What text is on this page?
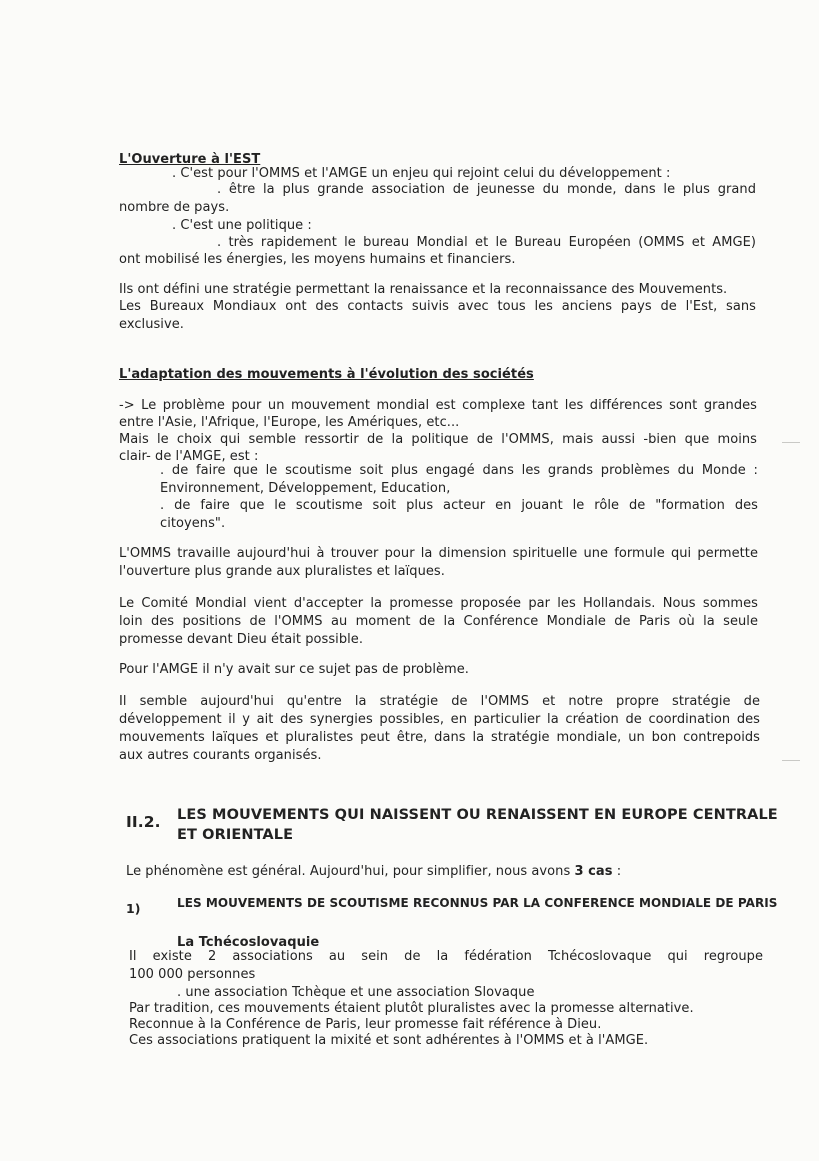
L'Ouverture à l'EST

. C'est pour l'OMMS et l'AMGE un enjeu qui rejoint celui du développement :

. être la plus grande association de jeunesse du monde, dans le plus grand

nombre de pays.

. C'est une politique :

. très rapidement le bureau Mondial et le Bureau Européen (OMMS et AMGE)

ont mobilisé les énergies, les moyens humains et financiers.

Ils ont défini une stratégie permettant la renaissance et la reconnaissance des Mouvements.

Les Bureaux Mondiaux ont des contacts suivis avec tous les anciens pays de l'Est, sans

exclusive.

L'adaptation des mouvements à l'évolution des sociétés

-> Le problème pour un mouvement mondial est complexe tant les différences sont grandes

entre l'Asie, l'Afrique, l'Europe, les Amériques, etc...

Mais le choix qui semble ressortir de la politique de l'OMMS, mais aussi -bien que moins

clair- de l'AMGE, est :

. de faire que le scoutisme soit plus engagé dans les grands problèmes du Monde :

Environnement, Développement, Education,

. de faire que le scoutisme soit plus acteur en jouant le rôle de "formation des

citoyens".

L'OMMS travaille aujourd'hui à trouver pour la dimension spirituelle une formule qui permette

l'ouverture plus grande aux pluralistes et laïques.

Le Comité Mondial vient d'accepter la promesse proposée par les Hollandais. Nous sommes

loin des positions de l'OMMS au moment de la Conférence Mondiale de Paris où la seule

promesse devant Dieu était possible.

Pour l'AMGE il n'y avait sur ce sujet pas de problème.

Il semble aujourd'hui qu'entre la stratégie de l'OMMS et notre propre stratégie de

développement il y ait des synergies possibles, en particulier la création de coordination des

mouvements laïques et pluralistes peut être, dans la stratégie mondiale, un bon contrepoids

aux autres courants organisés.

II.2. LES MOUVEMENTS QUI NAISSENT OU RENAISSENT EN EUROPE CENTRALE

ET ORIENTALE

Le phénomène est général. Aujourd'hui, pour simplifier, nous avons 3 cas :

1)	LES MOUVEMENTS DE SCOUTISME RECONNUS PAR LA CONFERENCE MONDIALE DE PARIS

La Tchécoslovaquie

Il existe 2 associations au sein de la fédération Tchécoslovaque qui regroupe

100 000 personnes

. une association Tchèque et une association Slovaque

Par tradition, ces mouvements étaient plutôt pluralistes avec la promesse alternative.

Reconnue à la Conférence de Paris, leur promesse fait référence à Dieu.

Ces associations pratiquent la mixité et sont adhérentes à l'OMMS et à l'AMGE.
